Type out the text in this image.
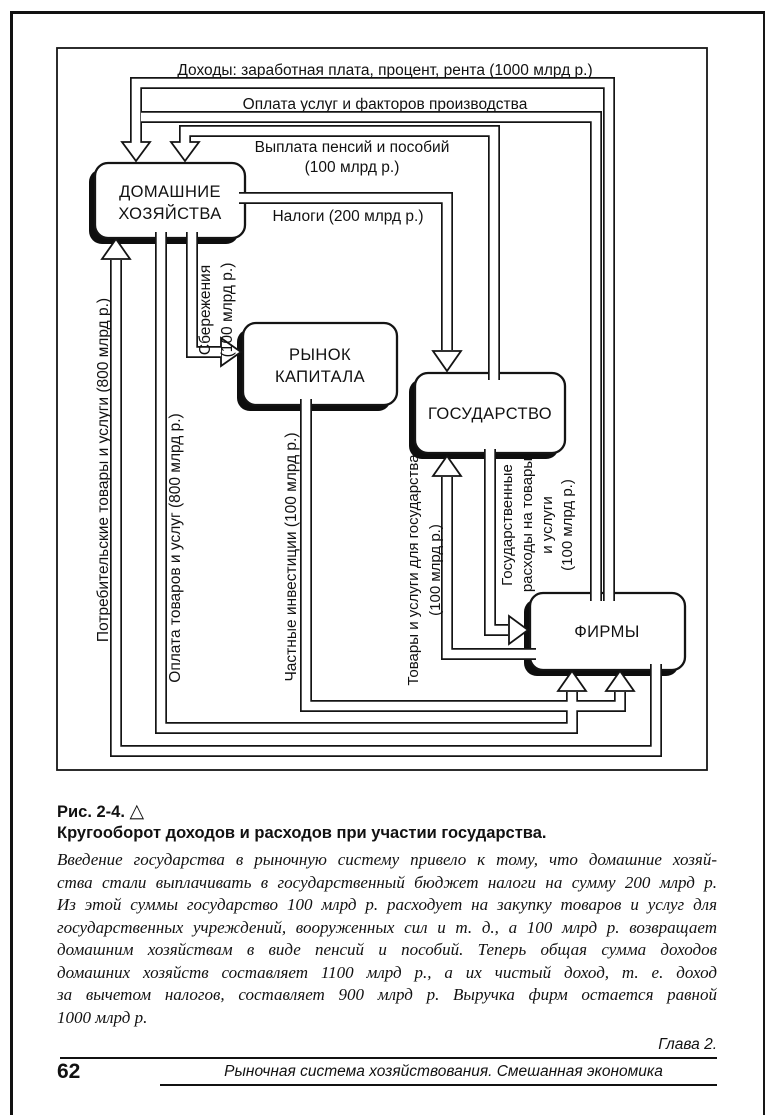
ДОМАШНИЕ
ХОЗЯЙСТВА
РЫНОК
КАПИТАЛА
ГОСУДАРСТВО
ФИРМЫ
Доходы: заработная плата, процент, рента (1000 млрд р.)
Оплата услуг и факторов производства
Выплата пенсий и пособий
(100 млрд р.)
Налоги (200 млрд р.)
Сбережения (100 млрд р.)
Потребительские товары и услуги (800 млрд р.)	Оплата товаров и услуг (800 млрд р.)	Частные инвестиции (100 млрд р.)	Товары и услуги для государства (100 млрд р.)	Государственные расходы на товары и услуги (100 млрд р.)
Рис. 2-4. △
Кругооборот доходов и расходов при участии государства.
Введение государства в рыночную систему привело к тому, что домашние хозяй-
ства стали выплачивать в государственный бюджет налоги на сумму 200 млрд р.
Из этой суммы государство 100 млрд р. расходует на закупку товаров и услуг для
государственных учреждений, вооруженных сил и т. д., а 100 млрд р. возвращает
домашним хозяйствам в виде пенсий и пособий. Теперь общая сумма доходов
домашних хозяйств составляет 1100 млрд р., а их чистый доход, т. е. доход
за вычетом налогов, составляет 900 млрд р. Выручка фирм остается равной
1000 млрд р.
Глава 2.
62	Рыночная система хозяйствования. Смешанная экономика
